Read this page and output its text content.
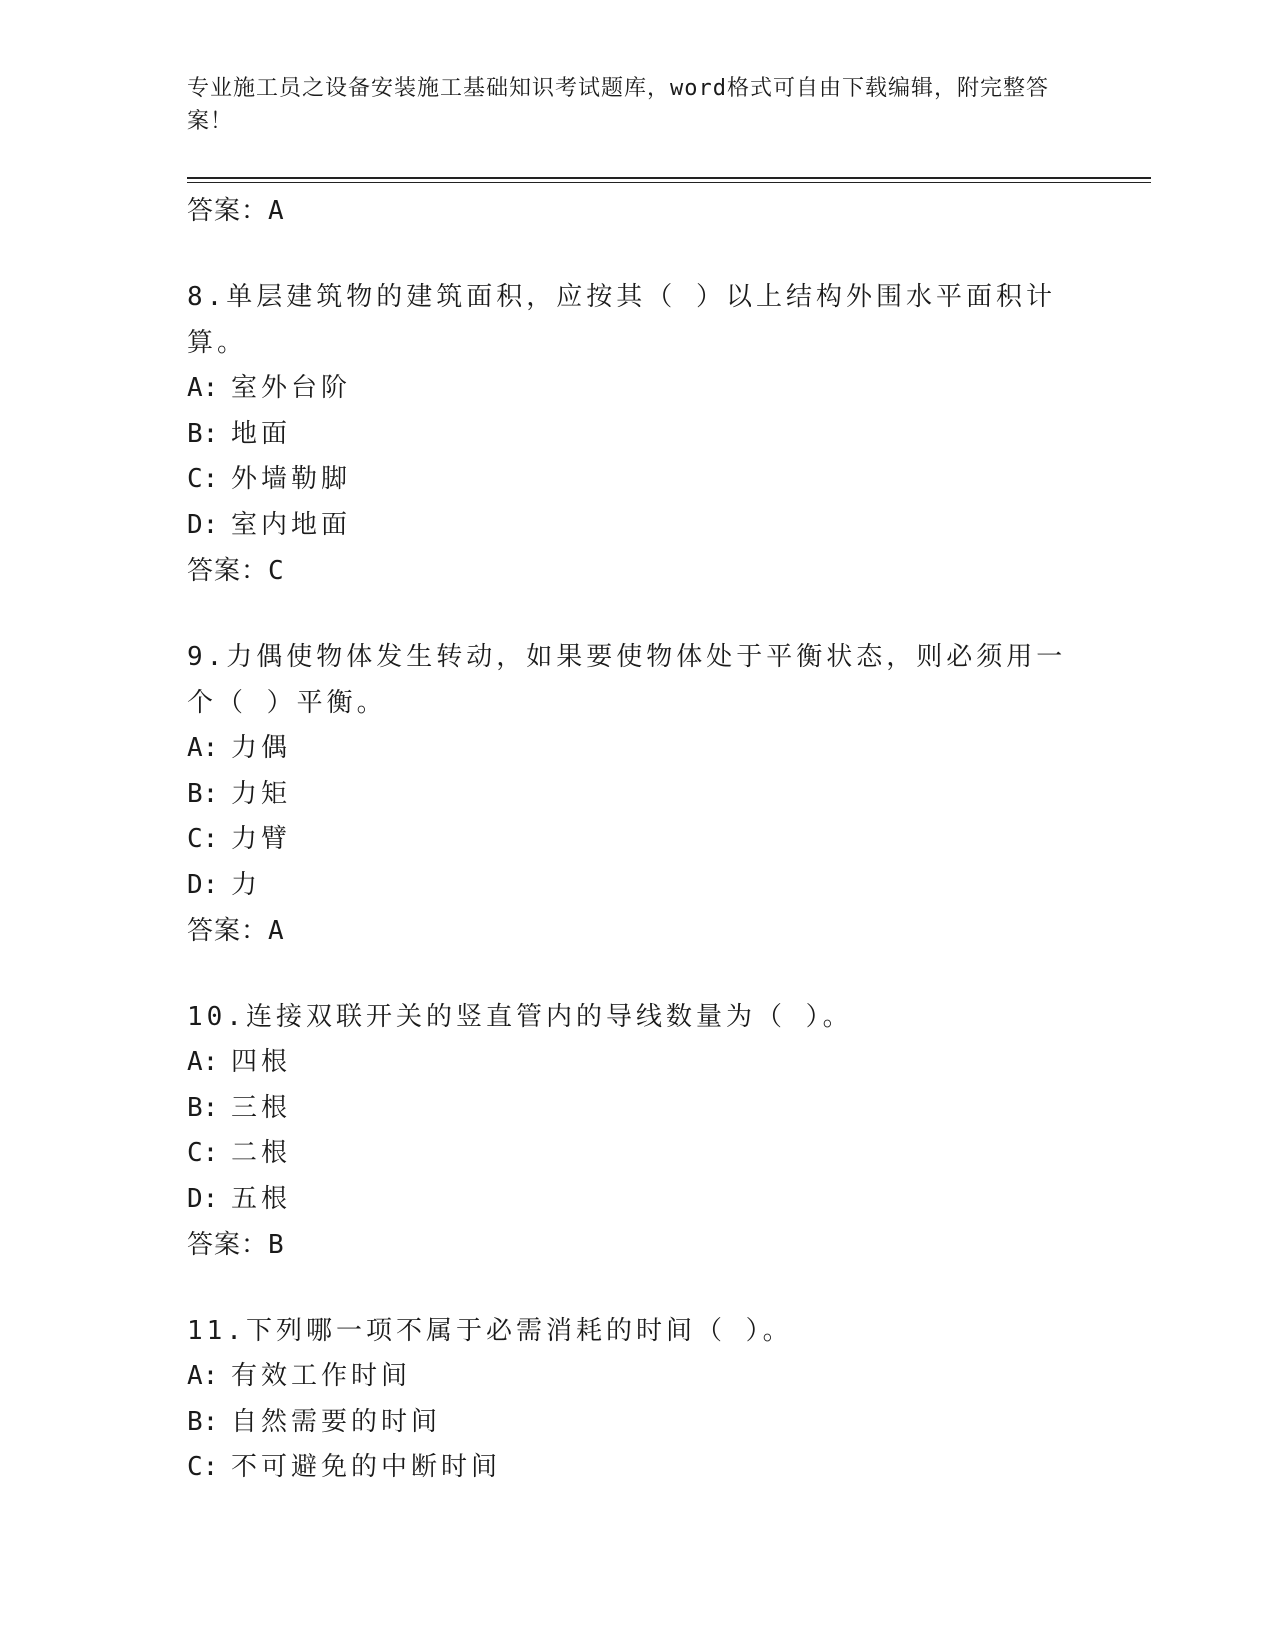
专业施工员之设备安装施工基础知识考试题库，word格式可自由下载编辑，附完整答案！
答案：A
8.单层建筑物的建筑面积，应按其（ ）以上结构外围水平面积计算。
A: 室外台阶
B: 地面
C: 外墙勒脚
D: 室内地面
答案：C
9.力偶使物体发生转动，如果要使物体处于平衡状态，则必须用一个（ ）平衡。
A: 力偶
B: 力矩
C: 力臂
D: 力
答案：A
10.连接双联开关的竖直管内的导线数量为（ ）。
A: 四根
B: 三根
C: 二根
D: 五根
答案：B
11.下列哪一项不属于必需消耗的时间（ ）。
A: 有效工作时间
B: 自然需要的时间
C: 不可避免的中断时间
